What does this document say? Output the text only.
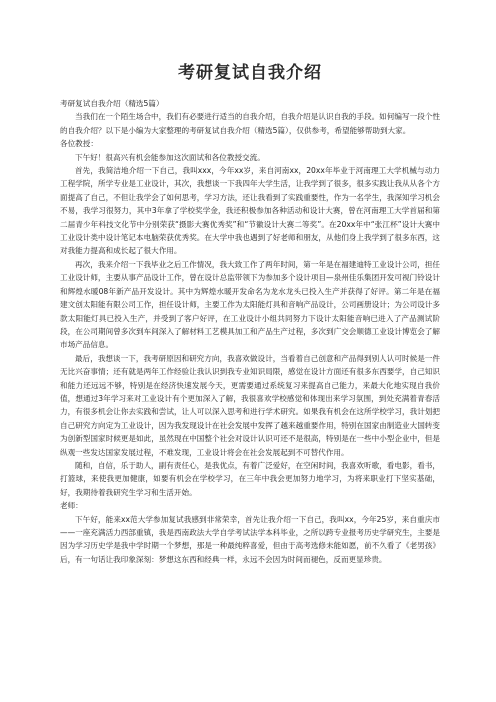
考研复试自我介绍

考研复试自我介绍（精选5篇）

当我们在一个陌生场合中，我们有必要进行适当的自我介绍，自我介绍是认识自我的手段。如何编写一段个性的自我介绍？以下是小编为大家整理的考研复试自我介绍（精选5篇），仅供参考，希望能够帮助到大家。

各位教授：

下午好！很高兴有机会能参加这次面试和各位教授交流。

首先，我简洁地介绍一下自己，我叫xxx，今年xx岁，来自河南xx，20xx年毕业于河南理工大学机械与动力工程学院，所学专业是工业设计，其次，我想谈一下我四年大学生活，让我学到了很多，很多实践让我从从各个方面提高了自己，不但让我学会了如何思考，学习方法，还让我看到了实践重要性，作为一名学生，我深知学习机会不易，我学习很努力，其中3年拿了学校奖学金，我还积极参加各种活动和设计大赛，曾在河南理工大学首届和第二届青少年科技文化节中分别荣获“摄影大赛优秀奖”和“节徽设计大赛二等奖”。在20xx年中“张江杯”设计大赛中工业设计类中设计笔记本电脑荣获优秀奖。在大学中我也遇到了好老师和朋友，从他们身上我学到了很多东西，这对我能力提高和成长起了很大作用。

再次，我来介绍一下我毕业之后工作情况，我大致工作了两年时间，第一年是在福建迪特工业设计公司，担任工业设计师，主要从事产品设计工作，曾在设计总监带领下为参加多个设计项目—泉州佳乐集团开发可视门铃设计和辉煌水暖08年新产品开发设计。其中为辉煌水暖开发命名为龙水龙头已投入生产并获得了好评。第二年是在福建文创太阳能有限公司工作，担任设计师，主要工作为太阳能灯具和音响产品设计，公司画册设计；为公司设计多款太阳能灯具已投入生产，并受到了客户好评，在工业设计小组共同努力下设计太阳能音响已进入了产品测试阶段，在公司期间曾多次到车间深入了解材料工艺模具加工和产品生产过程，多次到广交会顺德工业设计博览会了解市场产品信息。

最后，我想谈一下，我考研原因和研究方向，我喜欢做设计，当看着自己创意和产品得到别人认可时候是一件无比兴奋事情；还有就是两年工作经验让我认识到我专业知识局限，感觉在设计方面还有很多东西要学，自己知识和能力还远远不够，特别是在经济快速发展今天，更需要通过系统复习来提高自己能力，来最大化地实现自我价值，想通过3年学习来对工业设计有个更加深入了解，我很喜欢学校感觉和体现出来学习氛围，到处充满着青春活力，有很多机会让你去实践和尝试，让人可以深入思考和进行学术研究。如果我有机会在这所学校学习，我计划把自己研究方向定为工业设计，因为我发现设计在社会发展中发挥了越来越重要作用，特别在国家由制造业大国转变为创新型国家时候更是如此，虽然现在中国整个社会对设计认识可还不是很高，特别是在一些中小型企业中，但是纵观一些发达国家发展过程，不难发现，工业设计将会在社会发展起到不可替代作用。

随和，自信，乐于助人，副有责任心，是我优点，有着广泛爱好，在空闲时间，我喜欢听歌，看电影，看书，打篮球，来使我更加健康，如要有机会在学校学习，在三年中我会更加努力地学习，为将来职业打下坚实基础，好，我期待着我研究生学习和生活开始。

老师：

下午好，能来xx范大学参加复试我感到非常荣幸，首先让我介绍一下自己，我叫xx，今年25岁，来自重庆市——一座充满活力西部重镇，我是西南政法大学自学考试法学本科毕业，之所以跨专业报考历史学研究生，主要是因为学习历史学是我中学时期一个梦想，那是一种最纯粹喜爱，但由于高考选修未能如愿，前不久看了《老男孩》后，有一句话让我印象深刻：梦想这东西和经典一样，永远不会因为时间而褪色，反而更显珍贵。
